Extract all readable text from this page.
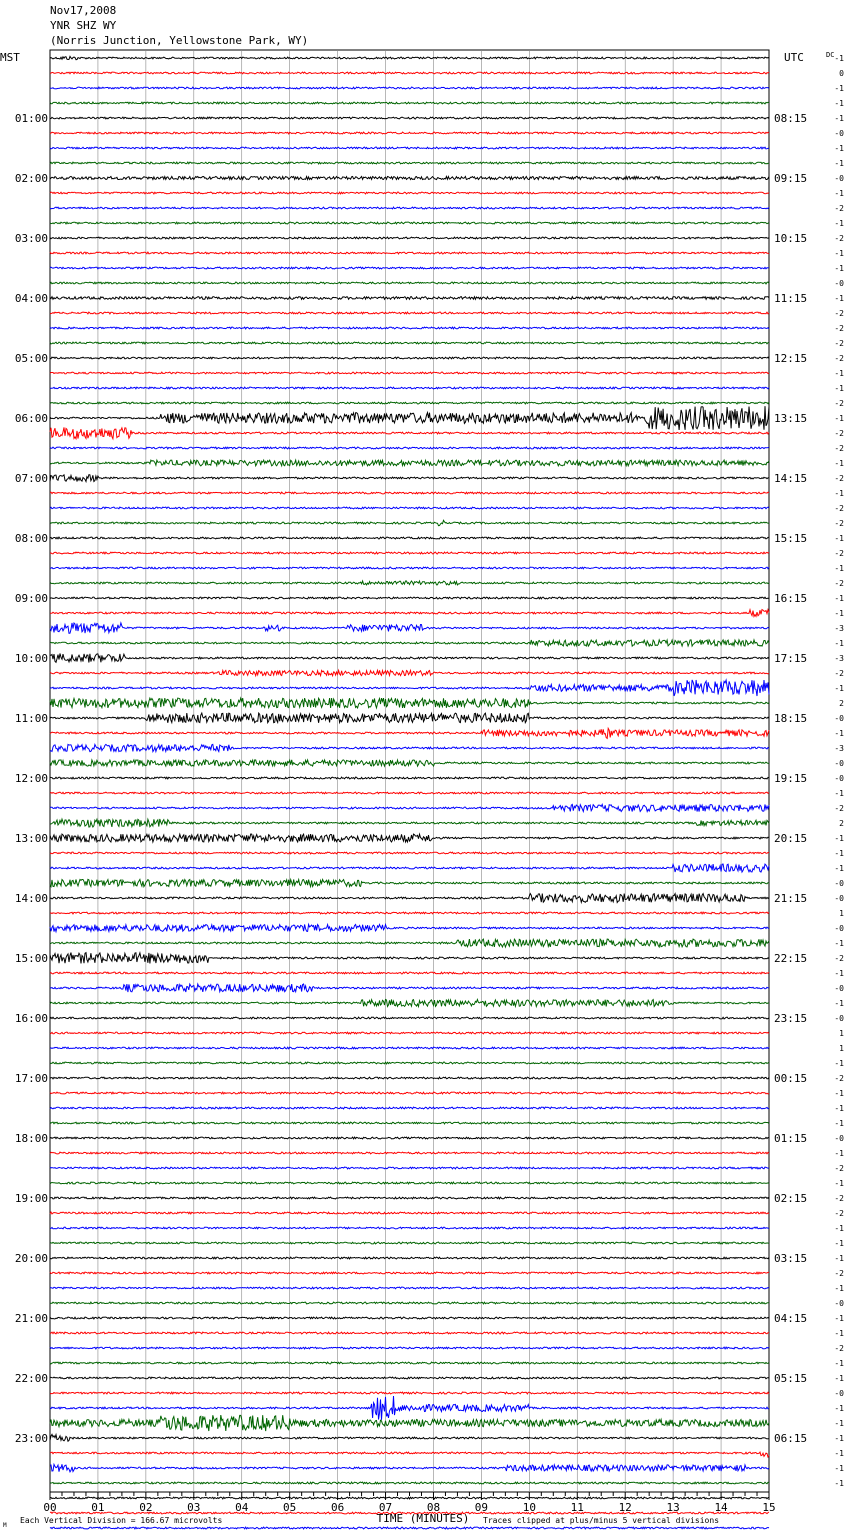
Nov17,2008
YNR SHZ WY
(Norris Junction, Yellowstone Park, WY)
-1
0
-1
-1
-1
-0
-1
-1
-0
-1
-2
-1
-2
-1
-1
-0
-1
-2
-2
-2
-2
-1
-1
-2
-1
-2
-2
-1
-2
-1
-2
-2
-1
-2
-1
-2
-1
-1
-3
-1
-3
-2
-1
2
-0
-1
-3
-0
-0
-1
-2
2
-1
-1
-1
-0
-0
1
-0
-1
-2
-1
-0
-1
-0
1
1
-1
-2
-1
-1
-1
-0
-1
-2
-1
-2
-2
-1
-1
-1
-2
-1
-0
-1
-1
-2
-1
-1
-0
-1
-1
-1
-1
-1
-1
MST	UTC	DC
01:00
02:00
03:00
04:00
05:00
06:00
07:00
08:00
09:00
10:00
11:00
12:00
13:00
14:00
15:00
16:00
17:00
18:00
19:00
20:00
21:00
22:00
23:00
08:15
09:15
10:15
11:15
12:15
13:15
14:15
15:15
16:15
17:15
18:15
19:15
20:15
21:15
22:15
23:15
00:15
01:15
02:15
03:15
04:15
05:15
06:15
00	01	02	03	04	05	06	07	08	09	10	11	12	13	14	15
TIME (MINUTES)
Each Vertical Division = 166.67 microvolts	Traces clipped at plus/minus 5 vertical divisions
M
